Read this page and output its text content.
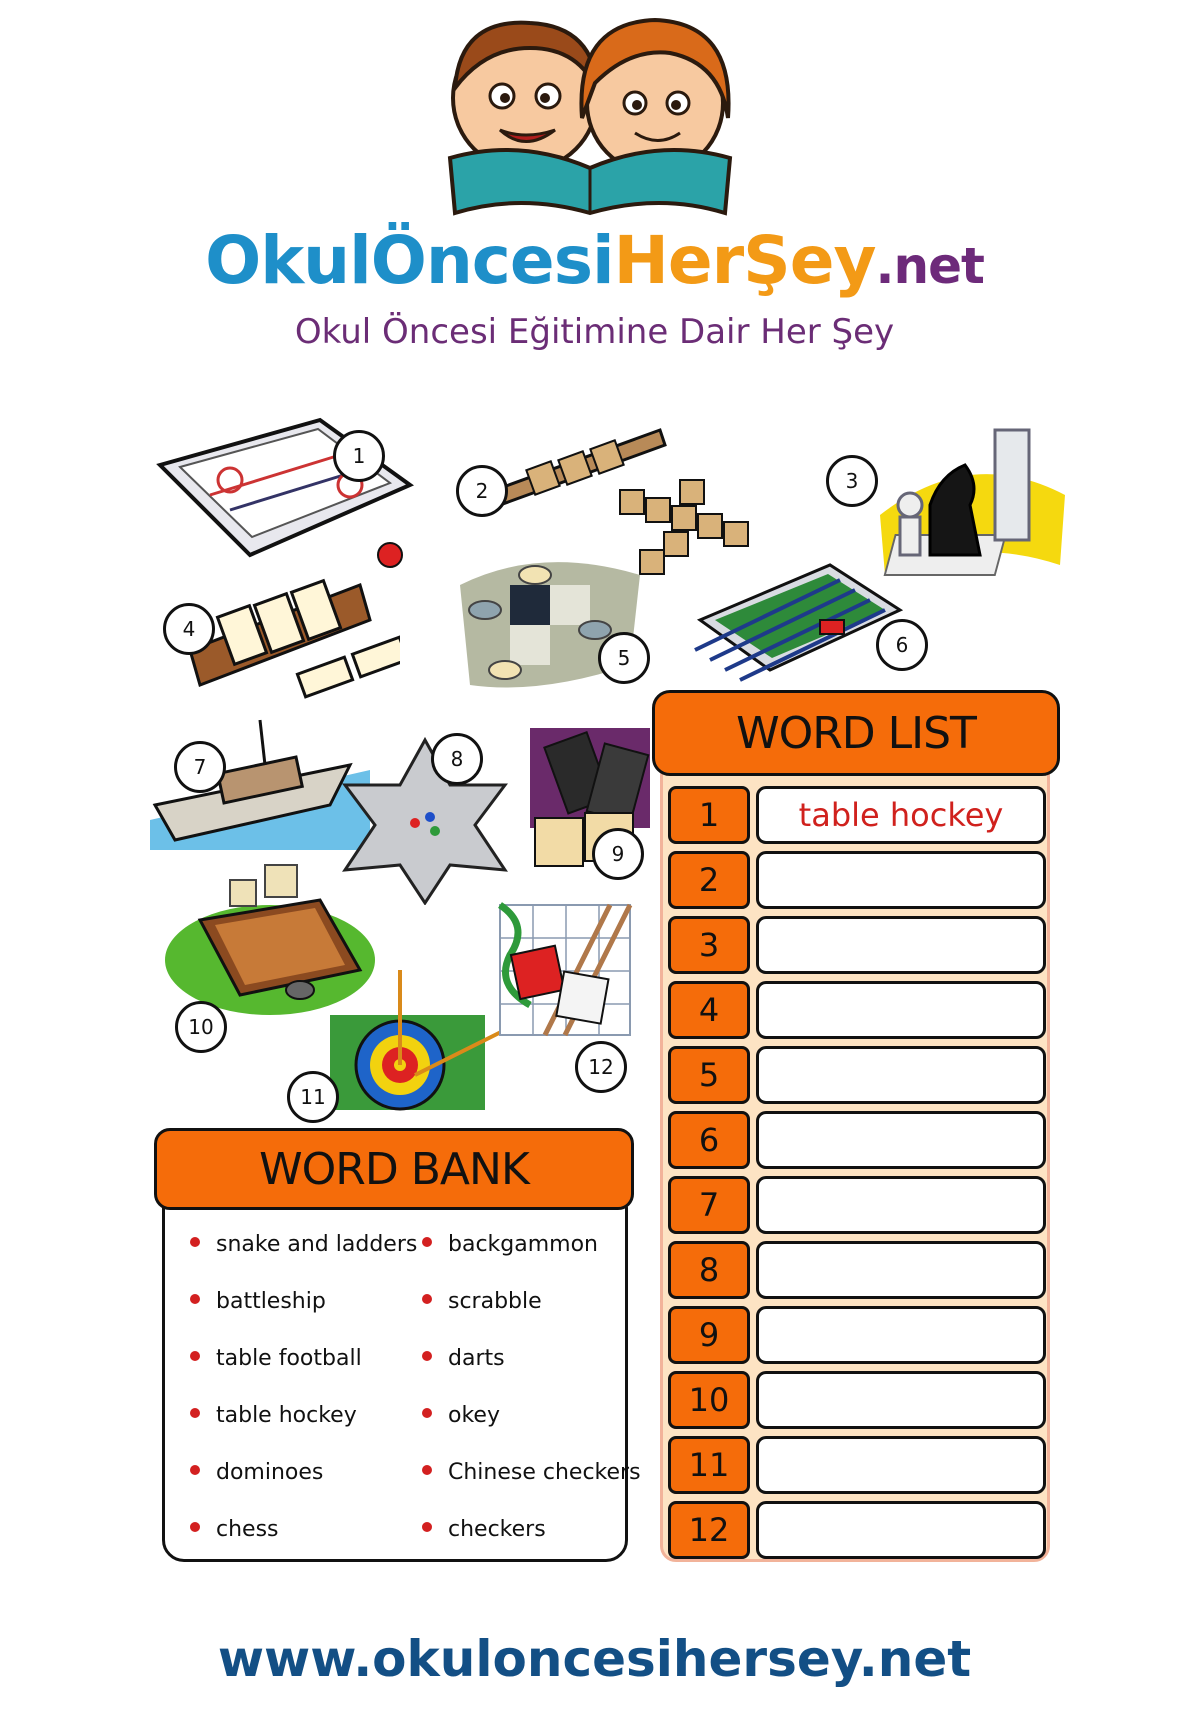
OkulÖncesiHerŞey.net
Okul Öncesi Eğitimine Dair Her Şey
1
2	3
4
5
6
7	8
9
10
11
12
WORD LIST
1	table hockey
2
3
4
5
6
7
8
9
10
11
12
WORD BANK
snake and ladders
battleship
table football
table hockey
dominoes
chess
backgammon
scrabble
darts
okey
Chinese checkers
checkers
www.okuloncesihersey.net
